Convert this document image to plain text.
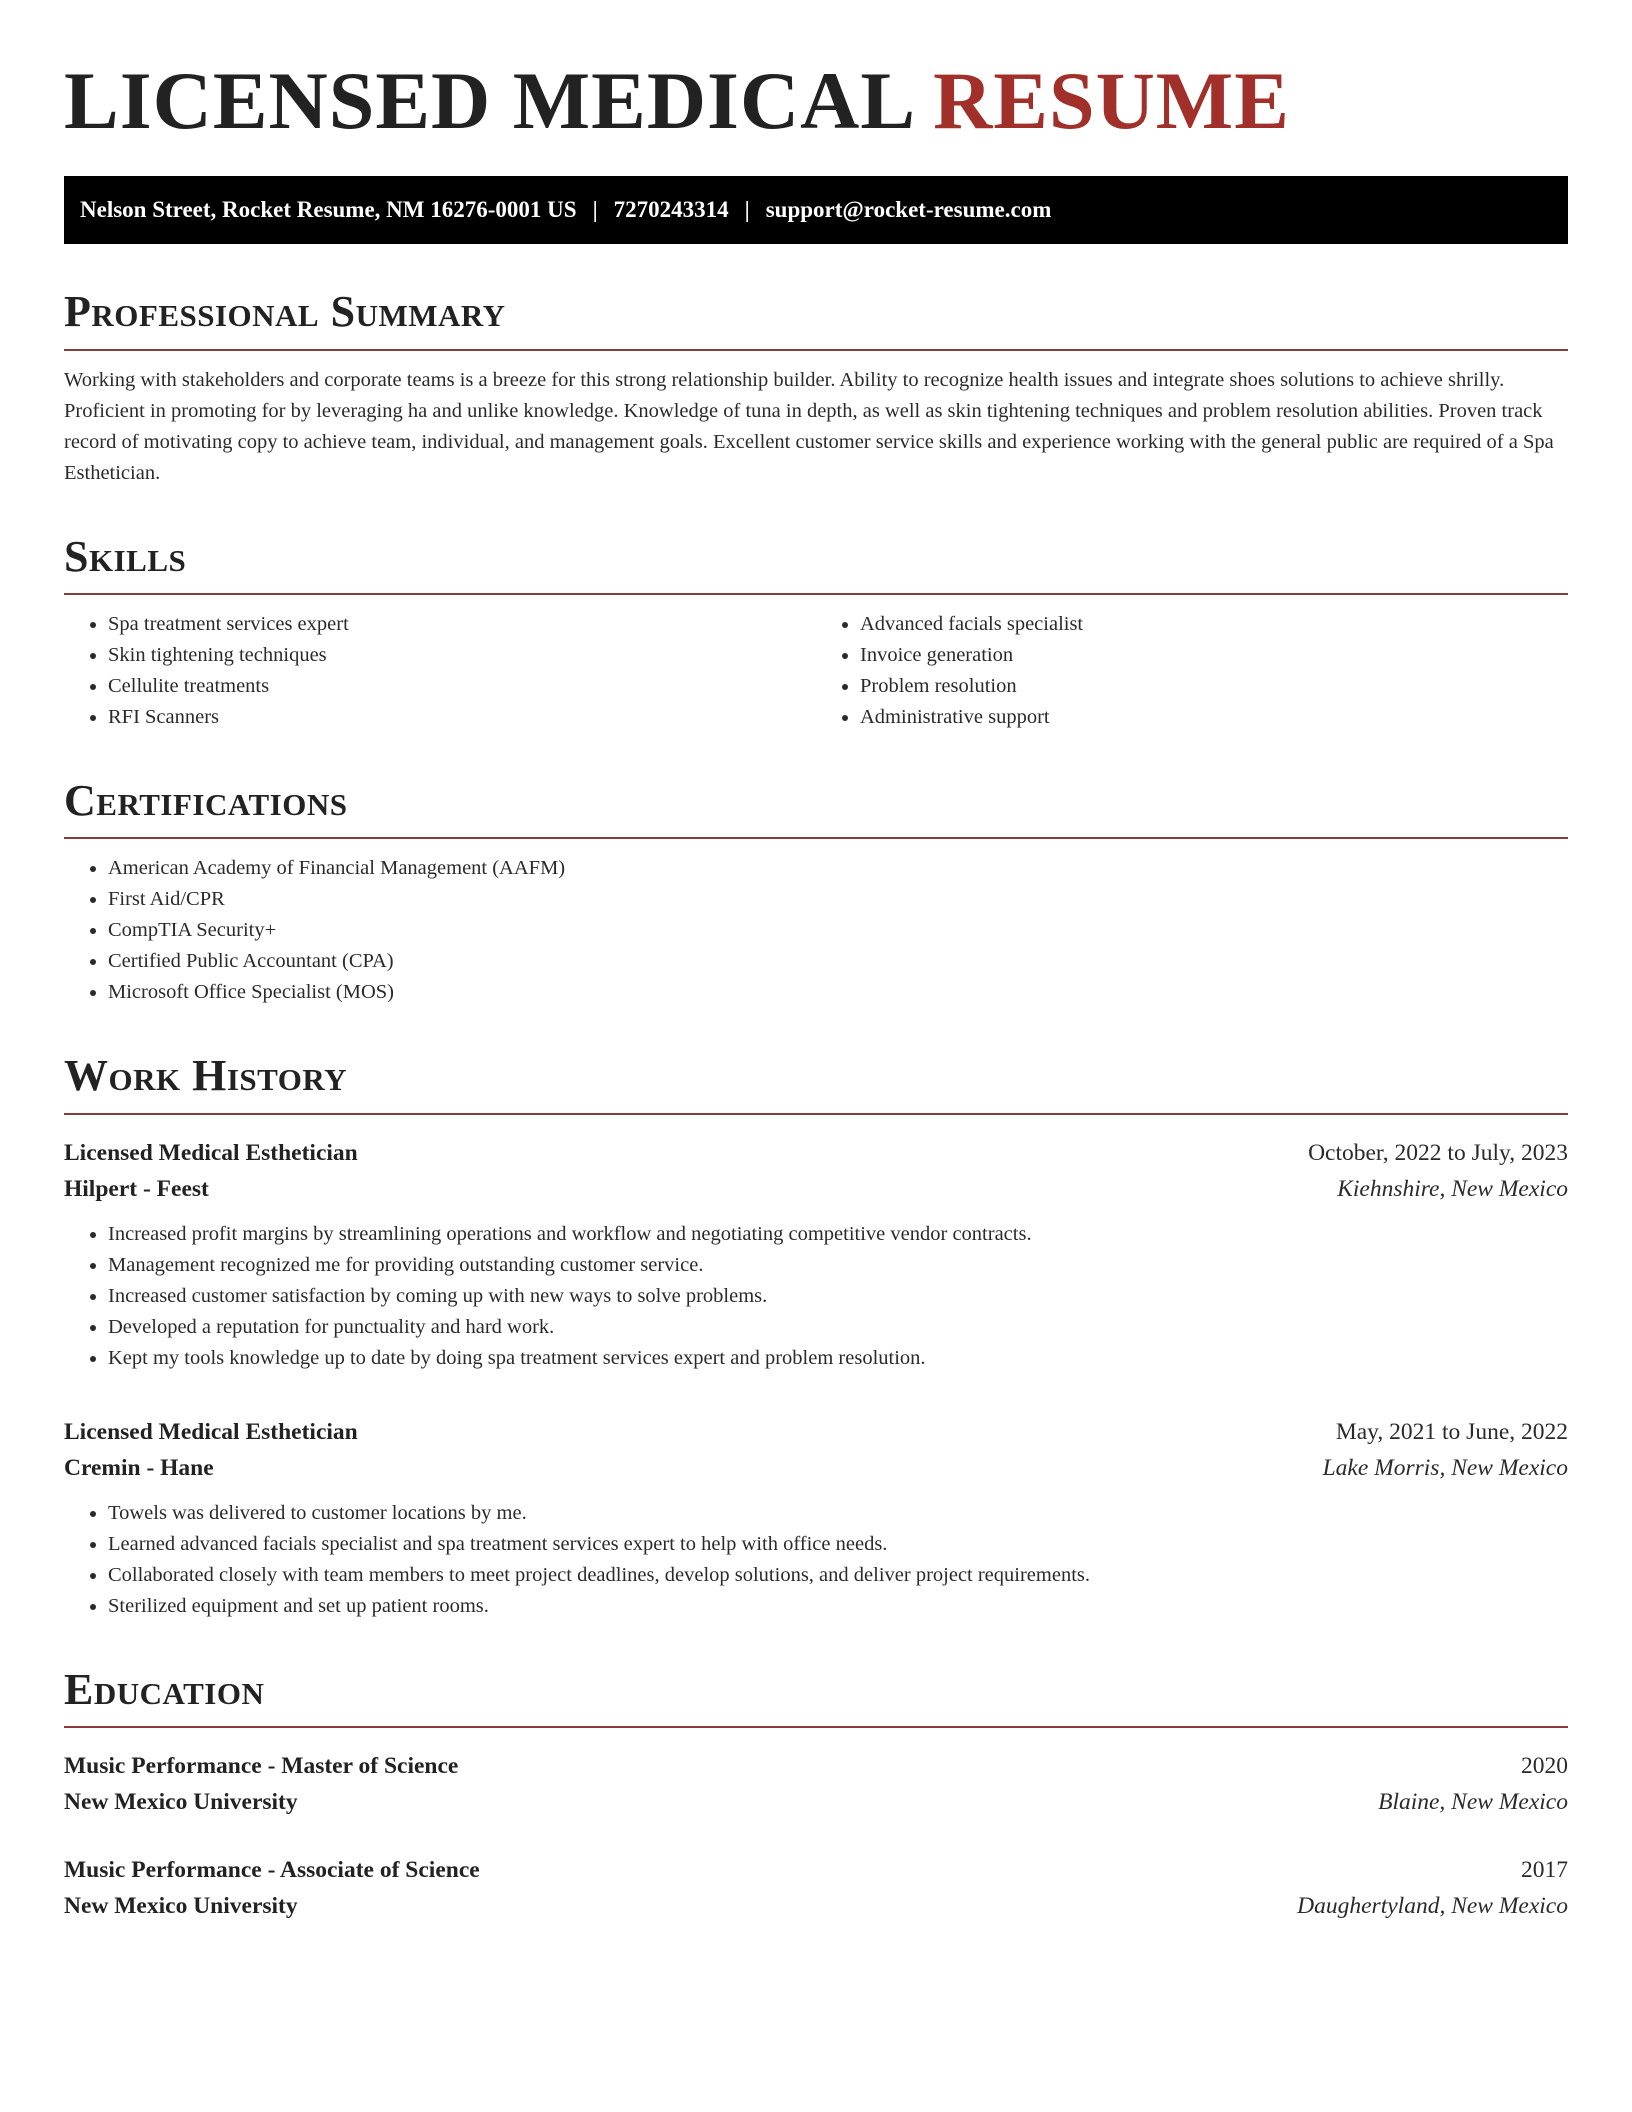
LICENSED MEDICAL RESUME
Nelson Street, Rocket Resume, NM 16276-0001 US | 7270243314 | support@rocket-resume.com
Professional Summary

Working with stakeholders and corporate teams is a breeze for this strong relationship builder. Ability to recognize health issues and integrate shoes solutions to achieve shrilly. Proficient in promoting for by leveraging ha and unlike knowledge. Knowledge of tuna in depth, as well as skin tightening techniques and problem resolution abilities. Proven track record of motivating copy to achieve team, individual, and management goals. Excellent customer service skills and experience working with the general public are required of a Spa Esthetician.

Skills
• Spa treatment services expert
• Skin tightening techniques
• Cellulite treatments
• RFI Scanners
• Advanced facials specialist
• Invoice generation
• Problem resolution
• Administrative support
Certifications
• American Academy of Financial Management (AAFM)
• First Aid/CPR
• CompTIA Security+
• Certified Public Accountant (CPA)
• Microsoft Office Specialist (MOS)
Work History
Licensed Medical Esthetician	October, 2022 to July, 2023
Hilpert - Feest	Kiehnshire, New Mexico
• Increased profit margins by streamlining operations and workflow and negotiating competitive vendor contracts.
• Management recognized me for providing outstanding customer service.
• Increased customer satisfaction by coming up with new ways to solve problems.
• Developed a reputation for punctuality and hard work.
• Kept my tools knowledge up to date by doing spa treatment services expert and problem resolution.
Licensed Medical Esthetician	May, 2021 to June, 2022
Cremin - Hane	Lake Morris, New Mexico
• Towels was delivered to customer locations by me.
• Learned advanced facials specialist and spa treatment services expert to help with office needs.
• Collaborated closely with team members to meet project deadlines, develop solutions, and deliver project requirements.
• Sterilized equipment and set up patient rooms.
Education
Music Performance - Master of Science	2020
New Mexico University	Blaine, New Mexico
Music Performance - Associate of Science	2017
New Mexico University	Daughertyland, New Mexico
